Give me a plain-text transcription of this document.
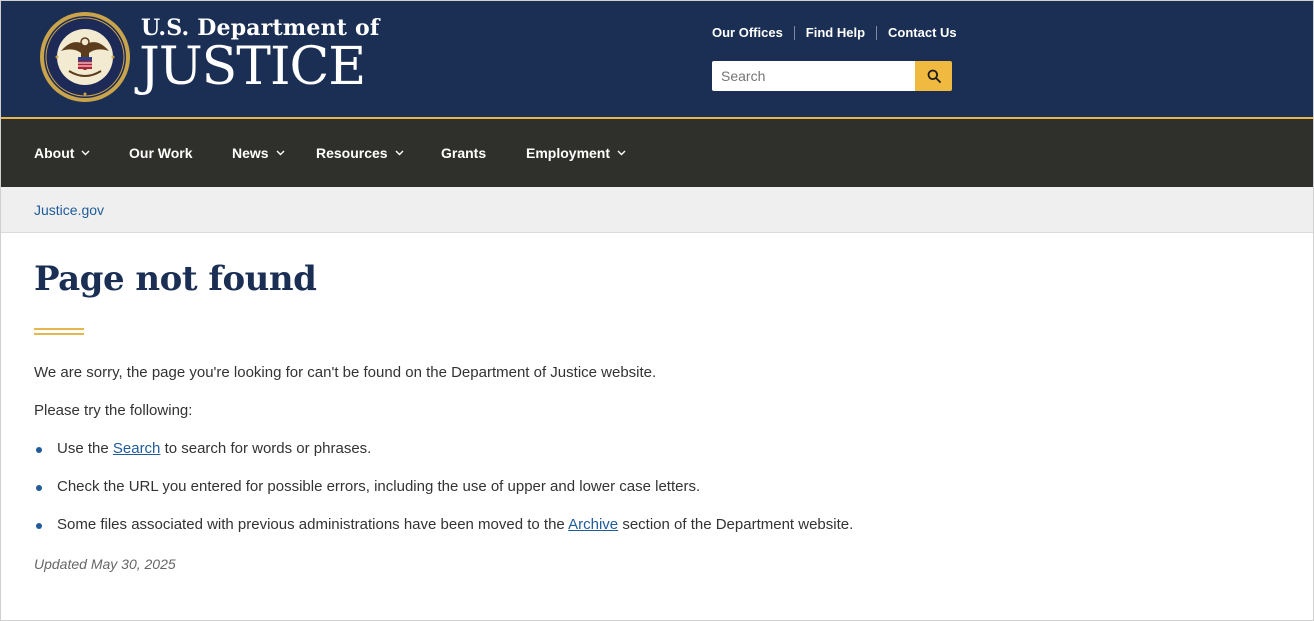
U.S. Department of
JUSTICE
Our Offices Find Help Contact Us
Search
About	Our Work	News	Resources	Grants	Employment
Justice.gov
Page not found
We are sorry, the page you're looking for can't be found on the Department of Justice website.
Please try the following:
Use the Search to search for words or phrases.
Check the URL you entered for possible errors, including the use of upper and lower case letters.
Some files associated with previous administrations have been moved to the Archive section of the Department website.
Updated May 30, 2025
